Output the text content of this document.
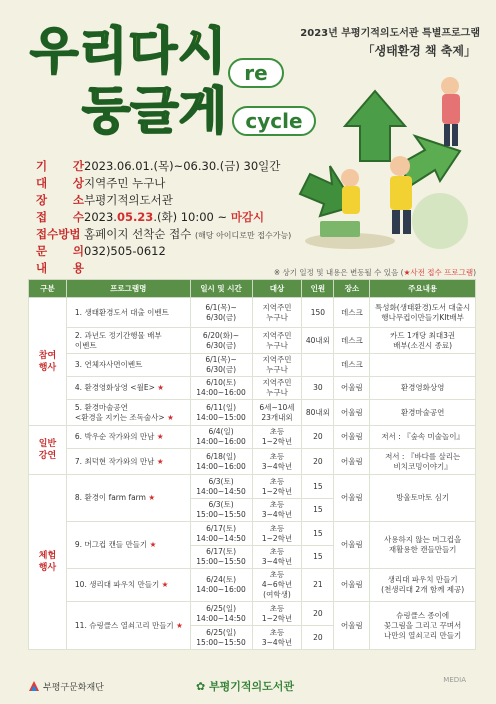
2023년 부평기적의도서관 특별프로그램
「생태환경 책 축제」
우리다시
둥글게
re
cycle
기 간 2023.06.01.(목)~06.30.(금) 30일간
대 상 지역주민 누구나
장 소 부평기적의도서관
접 수 2023.05.23.(화) 10:00 ~ 마감시
접수방법 홈페이지 선착순 접수 (해당 아이디로만 접수가능)
문 의 032)505-0612
내 용	※ 상기 일정 및 내용은 변동될 수 있음 (★사전 접수 프로그램)
구분	프로그램명	일시 및 시간	대상	인원	장소	주요내용
참여
행사	1. 생태환경도서 대출 이벤트	6/1(목)~
6/30(금)	지역주민
누구나	150	데스크	특성화(생태환경)도서 대출시
행나무컵이만들기KIt배부
	2. 과년도 정기간행물 배부
이벤트	6/20(화)~
6/30(금)	지역주민
누구나	40내외	데스크	카드 1개당 최대3권
배부(소진시 종료)
	3. 연체자사면이벤트	6/1(목)~
6/30(금)	지역주민
누구나		데스크	
	4. 환경영화상영 <월E> ★	6/10(토)
14:00~16:00	지역주민
누구나	30	어울림	환경영화상영
	5. 환경마술공연
<환경을 지키는 조독술사> ★	6/11(일)
14:00~15:00	6세~10세
23개내외	80내외	어울림	환경마술공연
일반
강연	6. 박우순 작가와의 만남 ★	6/4(일)
14:00~16:00	초등
1~2학년	20	어울림	저서 : 『숲속 미술놀이』
	7. 최덕현 작가와의 만남 ★	6/18(일)
14:00~16:00	초등
3~4학년	20	어울림	저서 : 『바다를 살리는
비치코밍이야기』
체험
행사	8. 환경이 farm farm ★	6/3(토)
14:00~14:50	초등
1~2학년	15	어울림	방울토마토 심기
		6/3(토)
15:00~15:50	초등
3~4학년	15		
	9. 머그컵 캔들 만들기 ★	6/17(토)
14:00~14:50	초등
1~2학년	15	어울림	사용하지 않는 머그컵을
재활용한 캔들만들기
		6/17(토)
15:00~15:50	초등
3~4학년	15		
	10. 생리대 파우치 만들기 ★	6/24(토)
14:00~16:00	초등
4~6학년
(여학생)	21	어울림	생리대 파우치 만들기
(천생리대 2개 함께 제공)
	11. 슈링클스 열쇠고리 만들기 ★	6/25(일)
14:00~14:50	초등
1~2학년	20	어울림	슈링클스 종이에
꽃그림을 그리고 꾸며서
나만의 열쇠고리 만들기
		6/25(일)
15:00~15:50	초등
3~4학년	20		
부평구문화재단	✿ 부평기적의도서관	MEDIA
